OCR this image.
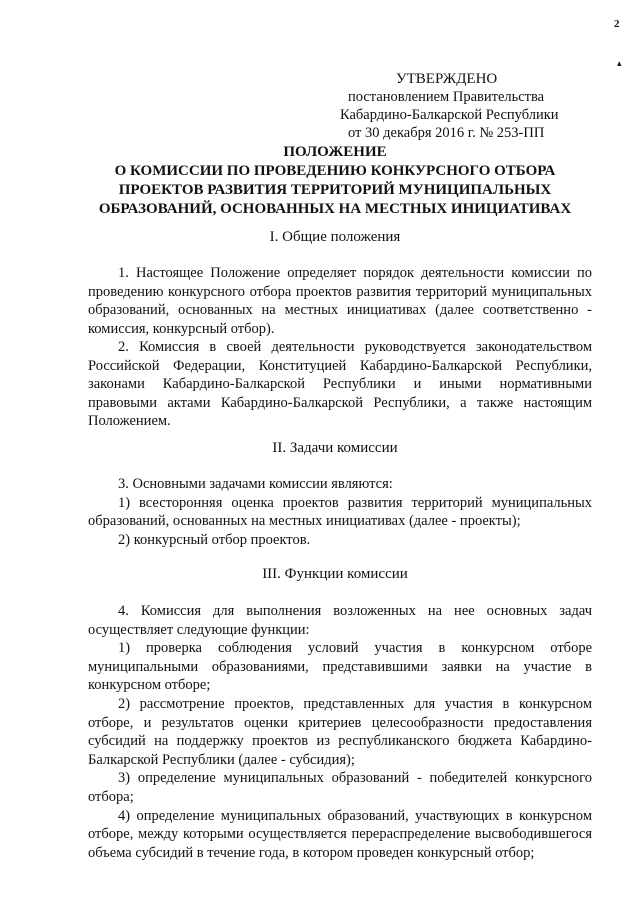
2
▴
УТВЕРЖДЕНО
постановлением Правительства
Кабардино-Балкарской Республики
от 30 декабря 2016 г. № 253-ПП
ПОЛОЖЕНИЕ
О КОМИССИИ ПО ПРОВЕДЕНИЮ КОНКУРСНОГО ОТБОРА
ПРОЕКТОВ РАЗВИТИЯ ТЕРРИТОРИЙ МУНИЦИПАЛЬНЫХ
ОБРАЗОВАНИЙ, ОСНОВАННЫХ НА МЕСТНЫХ ИНИЦИАТИВАХ
I. Общие положения

1. Настоящее Положение определяет порядок деятельности комиссии по проведению конкурсного отбора проектов развития территорий муниципальных образований, основанных на местных инициативах (далее соответственно - комиссия, конкурсный отбор).

2. Комиссия в своей деятельности руководствуется законодательством Российской Федерации, Конституцией Кабардино-Балкарской Республики, законами Кабардино-Балкарской Республики и иными нормативными правовыми актами Кабардино-Балкарской Республики, а также настоящим Положением.

II. Задачи комиссии

3. Основными задачами комиссии являются:

1) всесторонняя оценка проектов развития территорий муниципальных образований, основанных на местных инициативах (далее - проекты);

2) конкурсный отбор проектов.

III. Функции комиссии

4. Комиссия для выполнения возложенных на нее основных задач осуществляет следующие функции:

1) проверка соблюдения условий участия в конкурсном отборе муниципальными образованиями, представившими заявки на участие в конкурсном отборе;

2) рассмотрение проектов, представленных для участия в конкурсном отборе, и результатов оценки критериев целесообразности предоставления субсидий на поддержку проектов из республиканского бюджета Кабардино-Балкарской Республики (далее - субсидия);

3) определение муниципальных образований - победителей конкурсного отбора;

4) определение муниципальных образований, участвующих в конкурсном отборе, между которыми осуществляется перераспределение высвободившегося объема субсидий в течение года, в котором проведен конкурсный отбор;
